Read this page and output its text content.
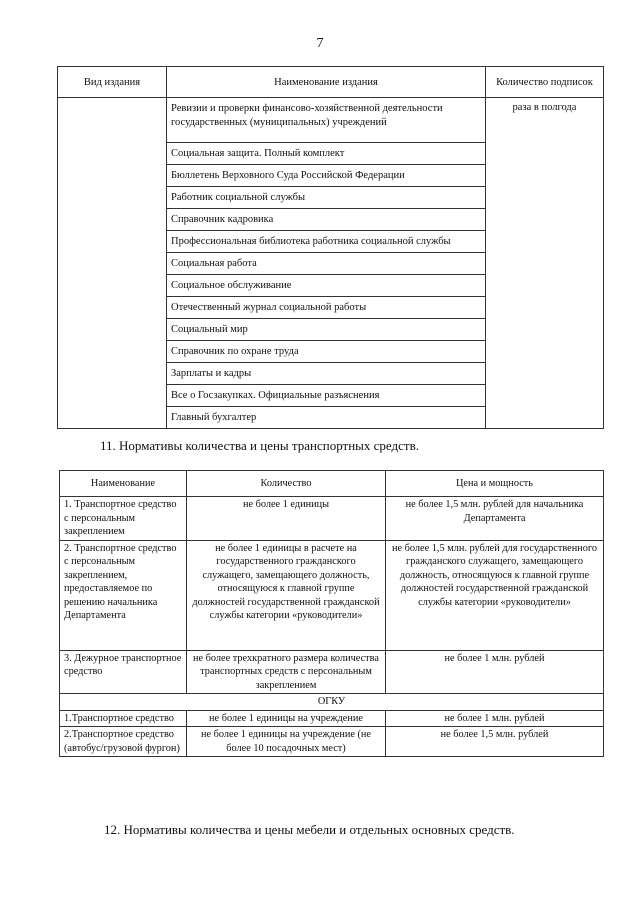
7
Вид издания	Наименование издания	Количество подписок
	Ревизии и проверки финансово-хозяйственной деятельности государственных (муниципальных) учреждений	раза в полгода
	Социальная защита. Полный комплект	
	Бюллетень Верховного Суда Российской Федерации	
	Работник социальной службы	
	Справочник кадровика	
	Профессиональная библиотека работника социальной службы	
	Социальная работа	
	Социальное обслуживание	
	Отечественный журнал социальной работы	
	Социальный мир	
	Справочник по охране труда	
	Зарплаты и кадры	
	Все о Госзакупках. Официальные разъяснения	
	Главный бухгалтер	
11. Нормативы количества и цены транспортных средств.
Наименование	Количество	Цена и мощность
1. Транспортное средство с персональным закреплением	не более 1 единицы	не более 1,5 млн. рублей для начальника Департамента
2. Транспортное средство с персональным закреплением, предоставляемое по решению начальника Департамента	не более 1 единицы в расчете на государственного гражданского служащего, замещающего должность, относящуюся к главной группе должностей государственной гражданской службы категории «руководители»	не более 1,5 млн. рублей для государственного гражданского служащего, замещающего должность, относящуюся к главной группе должностей государственной гражданской службы категории «руководители»
3. Дежурное транспортное средство	не более трехкратного размера количества транспортных средств с персональным закреплением	не более 1 млн. рублей
ОГКУ		
1.Транспортное средство	не более 1 единицы на учреждение	не более 1 млн. рублей
2.Транспортное средство (автобус/грузовой фургон)	не более 1 единицы на учреждение (не более 10 посадочных мест)	не более 1,5 млн. рублей
12. Нормативы количества и цены мебели и отдельных основных средств.
